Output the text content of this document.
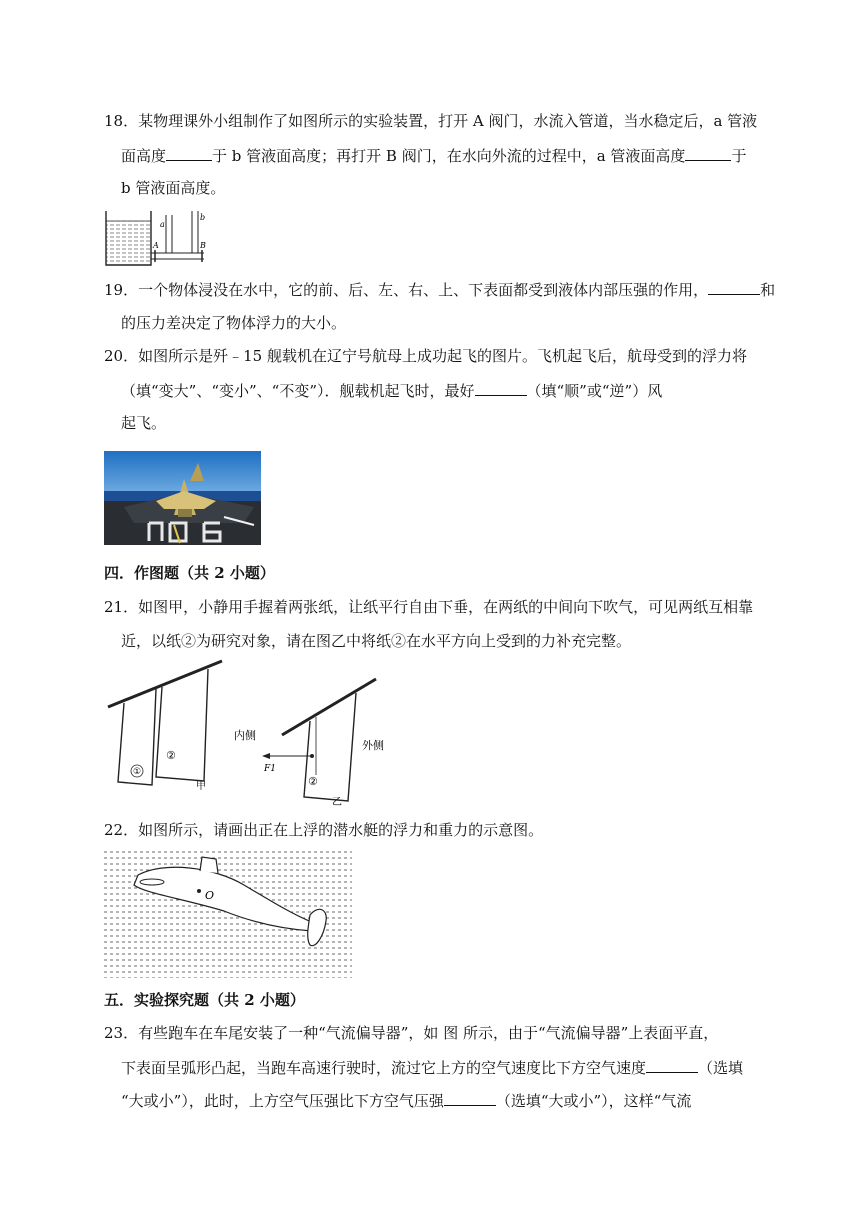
18．某物理课外小组制作了如图所示的实验装置，打开 A 阀门，水流入管道，当水稳定后，a 管液
面高度	于 b 管液面高度；再打开 B 阀门，在水向外流的过程中，a 管液面高度	于
b 管液面高度。
a
b
A	B
19．一个物体浸没在水中，它的前、后、左、右、上、下表面都受到液体内部压强的作用，	和
的压力差决定了物体浮力的大小。
20．如图所示是歼﹣15 舰载机在辽宁号航母上成功起飞的图片。飞机起飞后，航母受到的浮力将
（填“变大”、“变小”、“不变”）．舰载机起飞时，最好	（填“顺”或“逆”）风
起飞。
四．作图题（共 2 小题）
21．如图甲，小静用手握着两张纸，让纸平行自由下垂，在两纸的中间向下吹气，可见两纸互相靠
近，以纸②为研究对象，请在图乙中将纸②在水平方向上受到的力补充完整。
①
②
甲
内侧
外侧
F1
②
乙
22．如图所示，请画出正在上浮的潜水艇的浮力和重力的示意图。
O
五．实验探究题（共 2 小题）
23．有些跑车在车尾安装了一种“气流偏导器”，如 图 所示，由于“气流偏导器”上表面平直，
下表面呈弧形凸起，当跑车高速行驶时，流过它上方的空气速度比下方空气速度	（选填
“大或小”），此时，上方空气压强比下方空气压强	（选填“大或小”），这样“气流
